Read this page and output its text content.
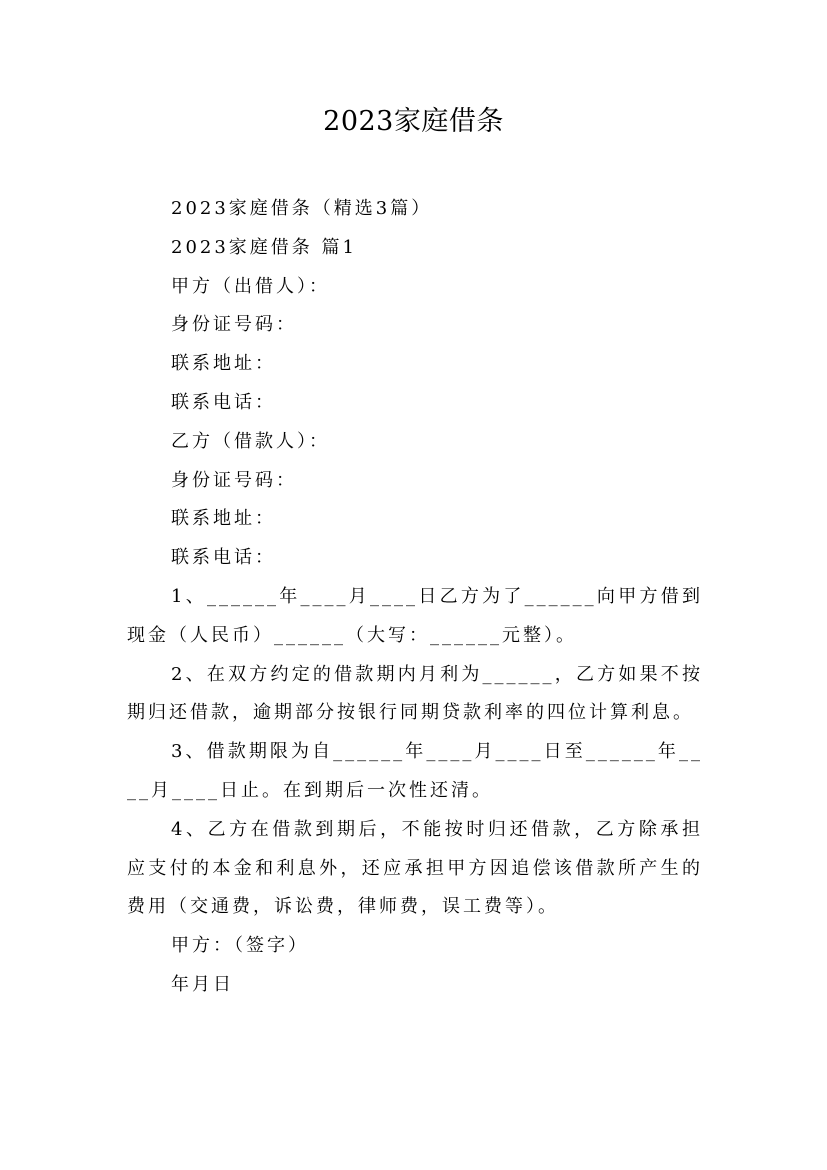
2023家庭借条

2023家庭借条（精选3篇）

2023家庭借条 篇1

甲方（出借人）：

身份证号码：

联系地址：

联系电话：

乙方（借款人）：

身份证号码：

联系地址：

联系电话：

1、______年____月____日乙方为了______向甲方借到现金（人民币）______（大写：______元整）。

2、在双方约定的借款期内月利为______，乙方如果不按期归还借款，逾期部分按银行同期贷款利率的四位计算利息。

3、借款期限为自______年____月____日至______年____月____日止。在到期后一次性还清。

4、乙方在借款到期后，不能按时归还借款，乙方除承担应支付的本金和利息外，还应承担甲方因追偿该借款所产生的费用（交通费，诉讼费，律师费，误工费等）。

甲方：（签字）

年月日
